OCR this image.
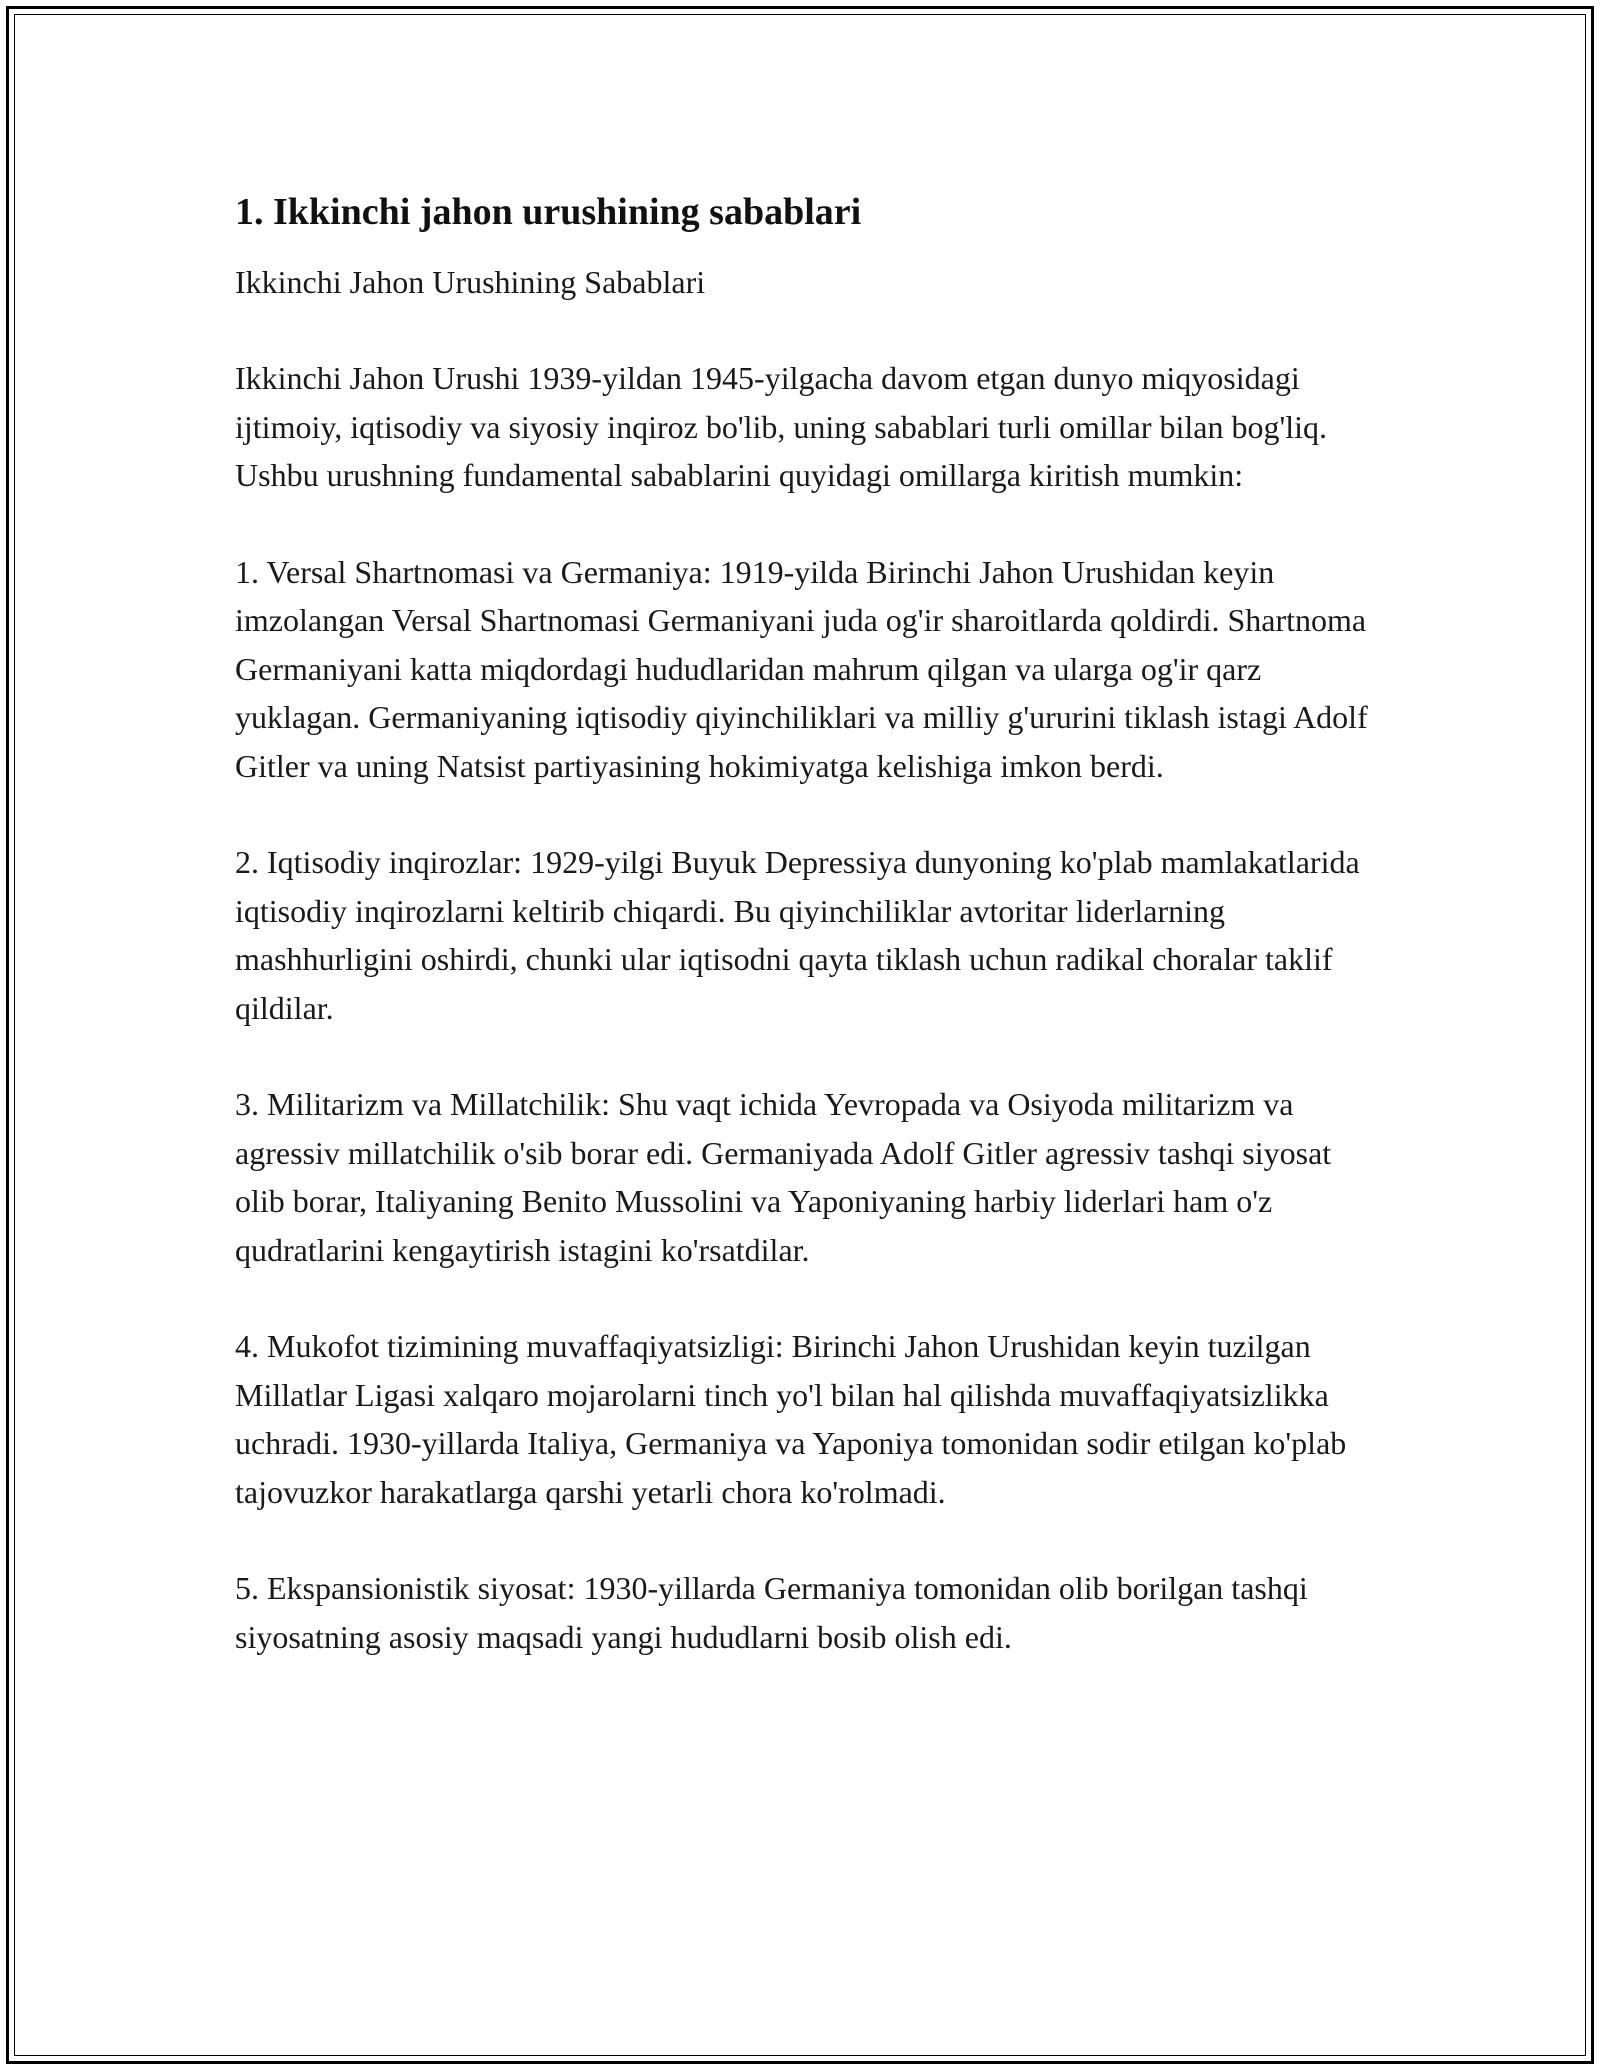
1. Ikkinchi jahon urushining sabablari

Ikkinchi Jahon Urushining Sabablari

Ikkinchi Jahon Urushi 1939-yildan 1945-yilgacha davom etgan dunyo miqyosidagi ijtimoiy, iqtisodiy va siyosiy inqiroz bo'lib, uning sabablari turli omillar bilan bog'liq. Ushbu urushning fundamental sabablarini quyidagi omillarga kiritish mumkin:

1. Versal Shartnomasi va Germaniya: 1919-yilda Birinchi Jahon Urushidan keyin imzolangan Versal Shartnomasi Germaniyani juda og'ir sharoitlarda qoldirdi. Shartnoma Germaniyani katta miqdordagi hududlaridan mahrum qilgan va ularga og'ir qarz yuklagan. Germaniyaning iqtisodiy qiyinchiliklari va milliy g'ururini tiklash istagi Adolf Gitler va uning Natsist partiyasining hokimiyatga kelishiga imkon berdi.

2. Iqtisodiy inqirozlar: 1929-yilgi Buyuk Depressiya dunyoning ko'plab mamlakatlarida iqtisodiy inqirozlarni keltirib chiqardi. Bu qiyinchiliklar avtoritar liderlarning mashhurligini oshirdi, chunki ular iqtisodni qayta tiklash uchun radikal choralar taklif qildilar.

3. Militarizm va Millatchilik: Shu vaqt ichida Yevropada va Osiyoda militarizm va agressiv millatchilik o'sib borar edi. Germaniyada Adolf Gitler agressiv tashqi siyosat olib borar, Italiyaning Benito Mussolini va Yaponiyaning harbiy liderlari ham o'z qudratlarini kengaytirish istagini ko'rsatdilar.

4. Mukofot tizimining muvaffaqiyatsizligi: Birinchi Jahon Urushidan keyin tuzilgan Millatlar Ligasi xalqaro mojarolarni tinch yo'l bilan hal qilishda muvaffaqiyatsizlikka uchradi. 1930-yillarda Italiya, Germaniya va Yaponiya tomonidan sodir etilgan ko'plab tajovuzkor harakatlarga qarshi yetarli chora ko'rolmadi.

5. Ekspansionistik siyosat: 1930-yillarda Germaniya tomonidan olib borilgan tashqi siyosatning asosiy maqsadi yangi hududlarni bosib olish edi.
